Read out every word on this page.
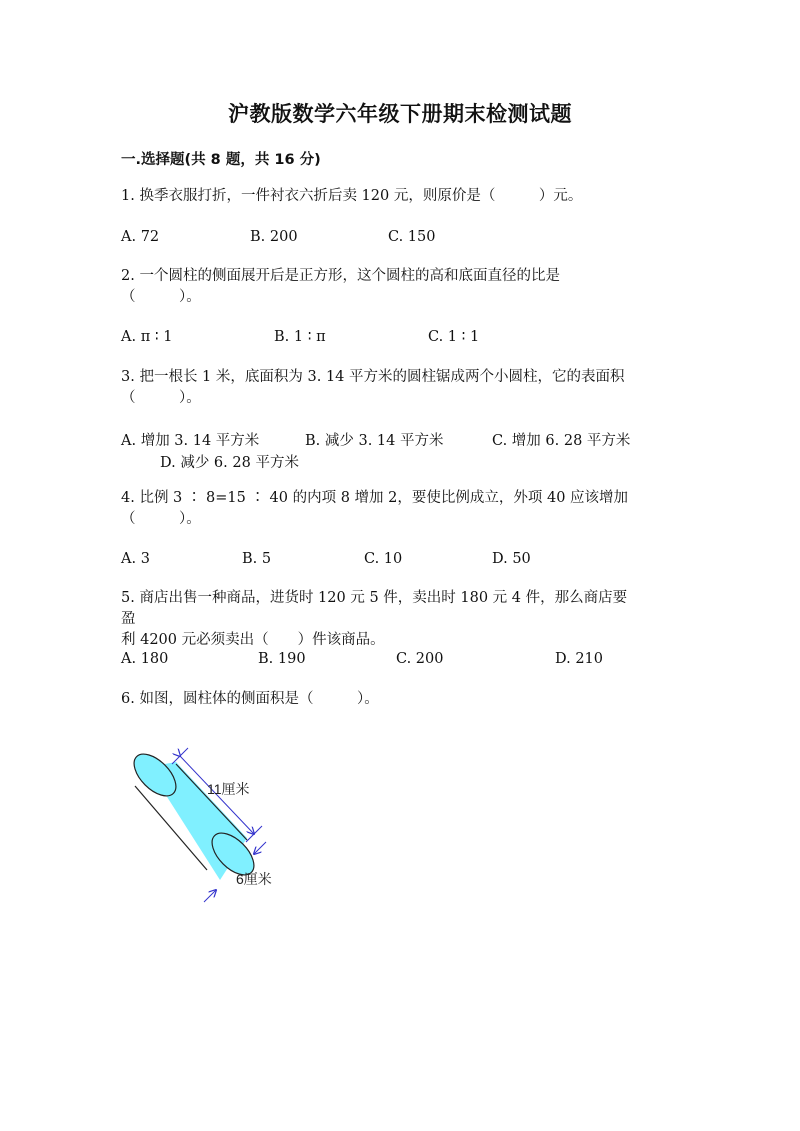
沪教版数学六年级下册期末检测试题
一.选择题(共 8 题，共 16 分)
1. 换季衣服打折，一件衬衣六折后卖 120 元，则原价是（　　　）元。
A. 72	B. 200	C. 150
2. 一个圆柱的侧面展开后是正方形，这个圆柱的高和底面直径的比是
（　　　）。
A. π ∶ 1	B. 1 ∶ π	C. 1 ∶ 1
3. 把一根长 1 米，底面积为 3. 14 平方米的圆柱锯成两个小圆柱，它的表面积
（　　　）。
A. 增加 3. 14 平方米	B. 减少 3. 14 平方米	C. 增加 6. 28 平方米
D. 减少 6. 28 平方米
4. 比例 3 ∶ 8=15 ∶ 40 的内项 8 增加 2，要使比例成立，外项 40 应该增加
（　　　）。
A. 3	B. 5	C. 10	D. 50
5. 商店出售一种商品，进货时 120 元 5 件，卖出时 180 元 4 件，那么商店要盈
利 4200 元必须卖出（　　）件该商品。
A. 180	B. 190	C. 200	D. 210
6. 如图，圆柱体的侧面积是（　　　）。
11厘米
6厘米
